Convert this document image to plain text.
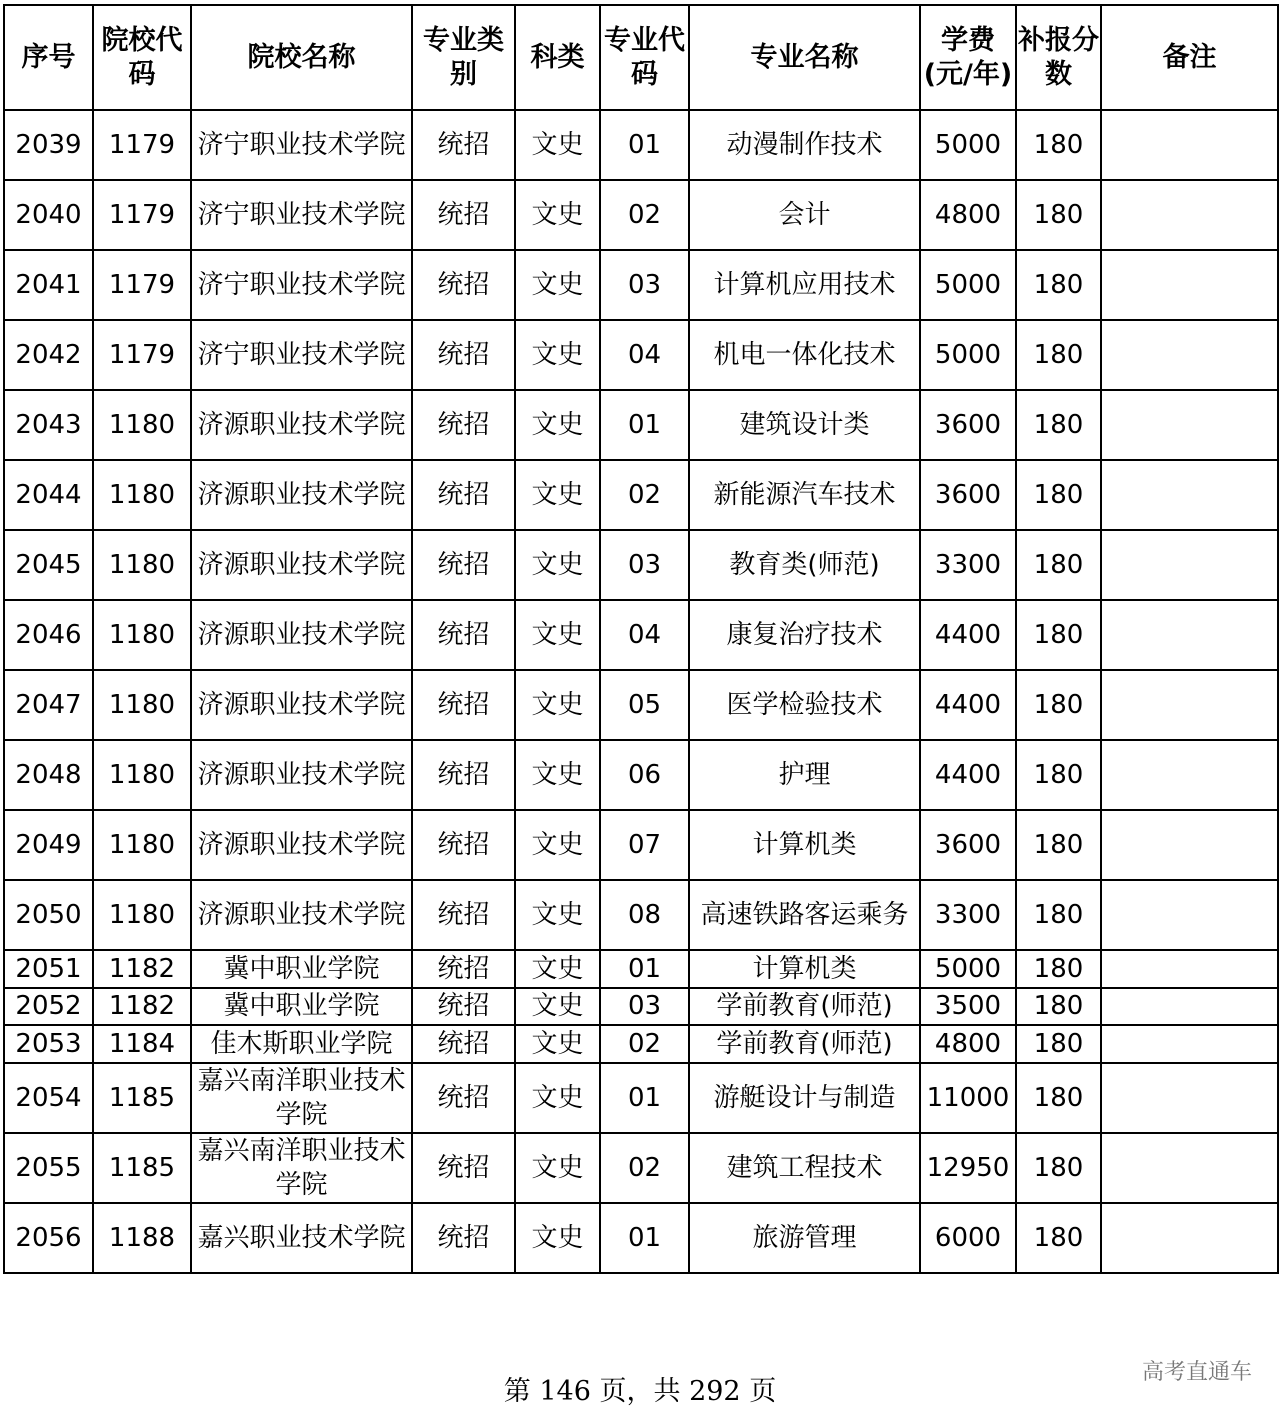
序号	院校代码	院校名称	专业类别	科类	专业代码	专业名称	学费(元/年)	补报分数	备注
2039	1179	济宁职业技术学院	统招	文史	01	动漫制作技术	5000	180	
2040	1179	济宁职业技术学院	统招	文史	02	会计	4800	180	
2041	1179	济宁职业技术学院	统招	文史	03	计算机应用技术	5000	180	
2042	1179	济宁职业技术学院	统招	文史	04	机电一体化技术	5000	180	
2043	1180	济源职业技术学院	统招	文史	01	建筑设计类	3600	180	
2044	1180	济源职业技术学院	统招	文史	02	新能源汽车技术	3600	180	
2045	1180	济源职业技术学院	统招	文史	03	教育类(师范)	3300	180	
2046	1180	济源职业技术学院	统招	文史	04	康复治疗技术	4400	180	
2047	1180	济源职业技术学院	统招	文史	05	医学检验技术	4400	180	
2048	1180	济源职业技术学院	统招	文史	06	护理	4400	180	
2049	1180	济源职业技术学院	统招	文史	07	计算机类	3600	180	
2050	1180	济源职业技术学院	统招	文史	08	高速铁路客运乘务	3300	180	
2051	1182	冀中职业学院	统招	文史	01	计算机类	5000	180	
2052	1182	冀中职业学院	统招	文史	03	学前教育(师范)	3500	180	
2053	1184	佳木斯职业学院	统招	文史	02	学前教育(师范)	4800	180	
2054	1185	嘉兴南洋职业技术学院	统招	文史	01	游艇设计与制造	11000	180	
2055	1185	嘉兴南洋职业技术学院	统招	文史	02	建筑工程技术	12950	180	
2056	1188	嘉兴职业技术学院	统招	文史	01	旅游管理	6000	180	
第 146 页，共 292 页
高考直通车
